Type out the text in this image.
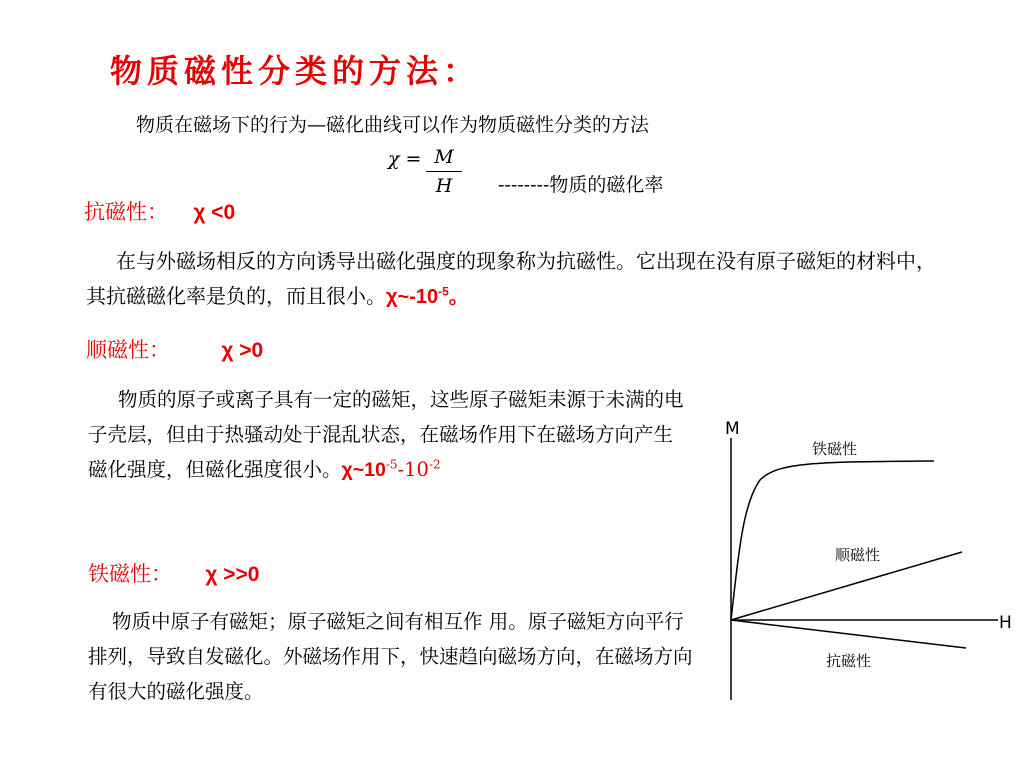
物质磁性分类的方法：
物质在磁场下的行为—磁化曲线可以作为物质磁性分类的方法
χ = M
H	--------物质的磁化率
抗磁性： χ <0
在与外磁场相反的方向诱导出磁化强度的现象称为抗磁性。它出现在没有原子磁矩的材料中，其抗磁磁化率是负的，而且很小。$\chi\sim-10^{-5}$。
顺磁性： χ >0
物质的原子或离子具有一定的磁矩，这些原子磁矩耒源于未满的电子壳层，但由于热骚动处于混乱状态，在磁场作用下在磁场方向产生磁化强度，但磁化强度很小。$\chi\sim 10^{-5}-10^{-2}$
铁磁性： χ >>0
物质中原子有磁矩；原子磁矩之间有相互作 用。原子磁矩方向平行排列，导致自发磁化。外磁场作用下，快速趋向磁场方向，在磁场方向有很大的磁化强度。
M
H
铁磁性
顺磁性
抗磁性
